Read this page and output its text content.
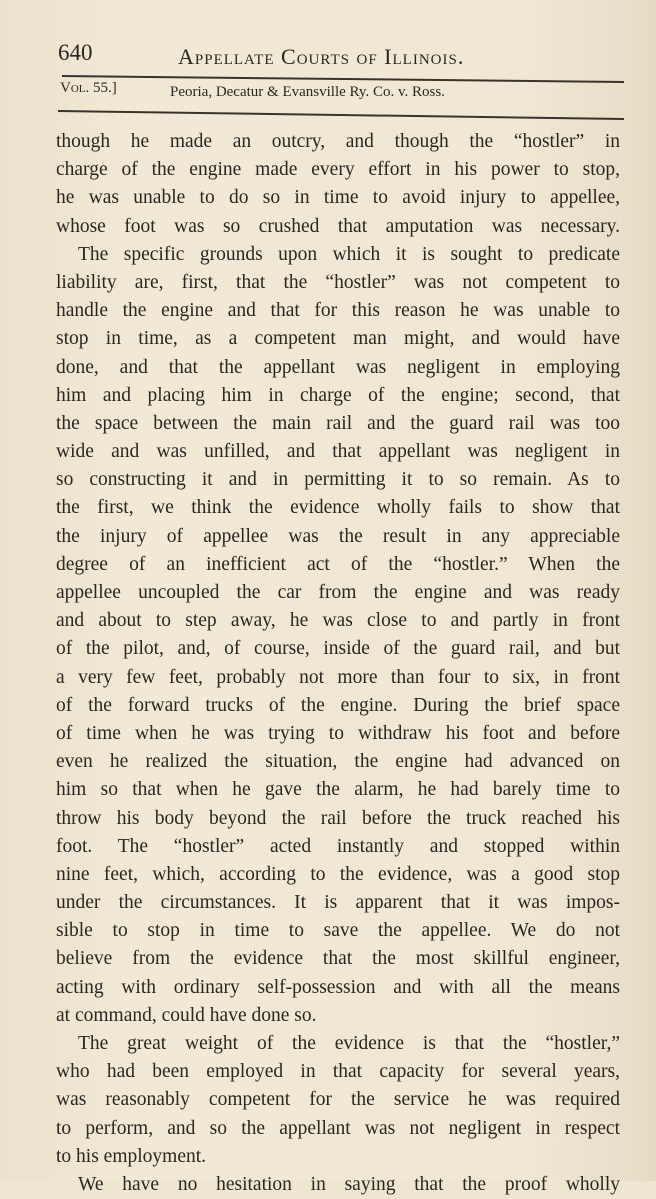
640	Appellate Courts of Illinois.
Vol. 55.]	Peoria, Decatur & Evansville Ry. Co. v. Ross.
though he made an outcry, and though the “hostler” in
charge of the engine made every effort in his power to stop,
he was unable to do so in time to avoid injury to appellee,
whose foot was so crushed that amputation was necessary.
The specific grounds upon which it is sought to predicate
liability are, first, that the “hostler” was not competent to
handle the engine and that for this reason he was unable to
stop in time, as a competent man might, and would have
done, and that the appellant was negligent in employing
him and placing him in charge of the engine; second, that
the space between the main rail and the guard rail was too
wide and was unfilled, and that appellant was negligent in
so constructing it and in permitting it to so remain. As to
the first, we think the evidence wholly fails to show that
the injury of appellee was the result in any appreciable
degree of an inefficient act of the “hostler.” When the
appellee uncoupled the car from the engine and was ready
and about to step away, he was close to and partly in front
of the pilot, and, of course, inside of the guard rail, and but
a very few feet, probably not more than four to six, in front
of the forward trucks of the engine. During the brief space
of time when he was trying to withdraw his foot and before
even he realized the situation, the engine had advanced on
him so that when he gave the alarm, he had barely time to
throw his body beyond the rail before the truck reached his
foot. The “hostler” acted instantly and stopped within
nine feet, which, according to the evidence, was a good stop
under the circumstances. It is apparent that it was impos-
sible to stop in time to save the appellee. We do not
believe from the evidence that the most skillful engineer,
acting with ordinary self-possession and with all the means
at command, could have done so.
The great weight of the evidence is that the “hostler,”
who had been employed in that capacity for several years,
was reasonably competent for the service he was required
to perform, and so the appellant was not negligent in respect
to his employment.
We have no hesitation in saying that the proof wholly
